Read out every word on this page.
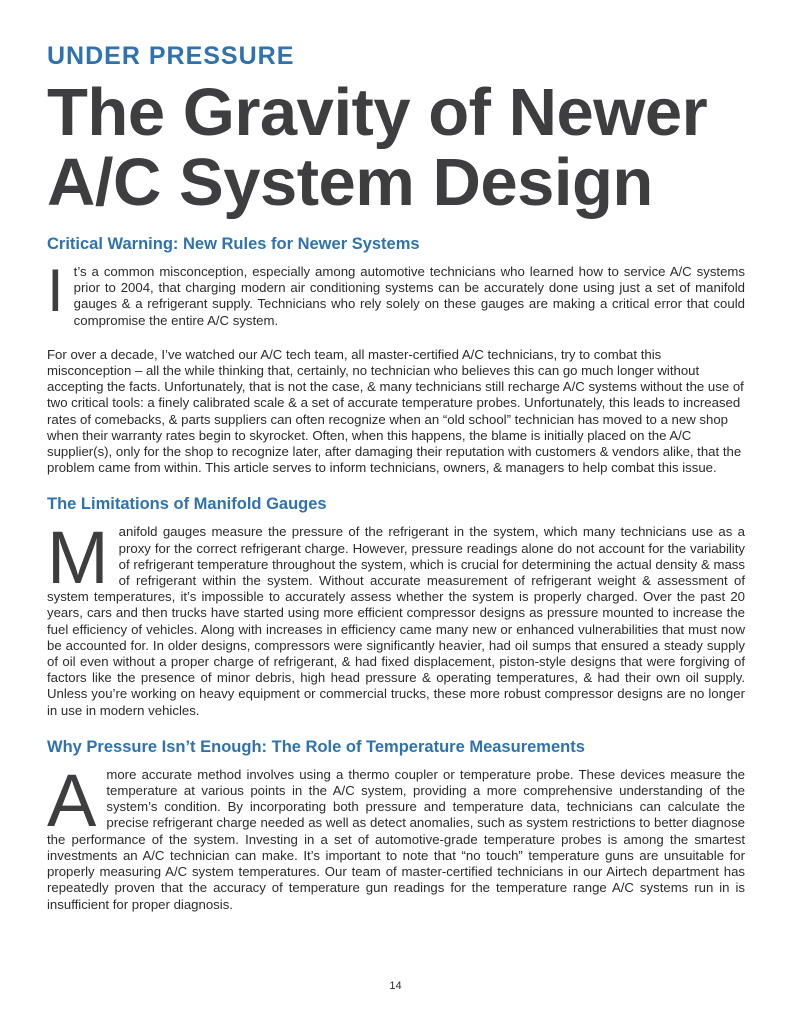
UNDER PRESSURE
The Gravity of Newer
A/C System Design
Critical Warning: New Rules for Newer Systems

It’s a common misconception, especially among automotive technicians who learned how to service A/C systems prior to 2004, that charging modern air conditioning systems can be accurately done using just a set of manifold gauges & a refrigerant supply. Technicians who rely solely on these gauges are making a critical error that could compromise the entire A/C system.

For over a decade, I’ve watched our A/C tech team, all master-certified A/C technicians, try to combat this misconception – all the while thinking that, certainly, no technician who believes this can go much longer without accepting the facts. Unfortunately, that is not the case, & many technicians still recharge A/C systems without the use of two critical tools: a finely calibrated scale & a set of accurate temperature probes. Unfortunately, this leads to increased rates of comebacks, & parts suppliers can often recognize when an “old school” technician has moved to a new shop when their warranty rates begin to skyrocket. Often, when this happens, the blame is initially placed on the A/C supplier(s), only for the shop to recognize later, after damaging their reputation with customers & vendors alike, that the problem came from within. This article serves to inform technicians, owners, & managers to help combat this issue.

The Limitations of Manifold Gauges

Manifold gauges measure the pressure of the refrigerant in the system, which many technicians use as a proxy for the correct refrigerant charge. However, pressure readings alone do not account for the variability of refrigerant temperature throughout the system, which is crucial for determining the actual density & mass of refrigerant within the system. Without accurate measurement of refrigerant weight & assessment of system temperatures, it’s impossible to accurately assess whether the system is properly charged. Over the past 20 years, cars and then trucks have started using more efficient compressor designs as pressure mounted to increase the fuel efficiency of vehicles. Along with increases in efficiency came many new or enhanced vulnerabilities that must now be accounted for. In older designs, compressors were significantly heavier, had oil sumps that ensured a steady supply of oil even without a proper charge of refrigerant, & had fixed displacement, piston-style designs that were forgiving of factors like the presence of minor debris, high head pressure & operating temperatures, & had their own oil supply. Unless you’re working on heavy equipment or commercial trucks, these more robust compressor designs are no longer in use in modern vehicles.

Why Pressure Isn’t Enough: The Role of Temperature Measurements

Amore accurate method involves using a thermo coupler or temperature probe. These devices measure the temperature at various points in the A/C system, providing a more comprehensive understanding of the system’s condition. By incorporating both pressure and temperature data, technicians can calculate the precise refrigerant charge needed as well as detect anomalies, such as system restrictions to better diagnose the performance of the system. Investing in a set of automotive-grade temperature probes is among the smartest investments an A/C technician can make. It’s important to note that “no touch” temperature guns are unsuitable for properly measuring A/C system temperatures. Our team of master-certified technicians in our Airtech department has repeatedly proven that the accuracy of temperature gun readings for the temperature range A/C systems run in is insufficient for proper diagnosis.

14
